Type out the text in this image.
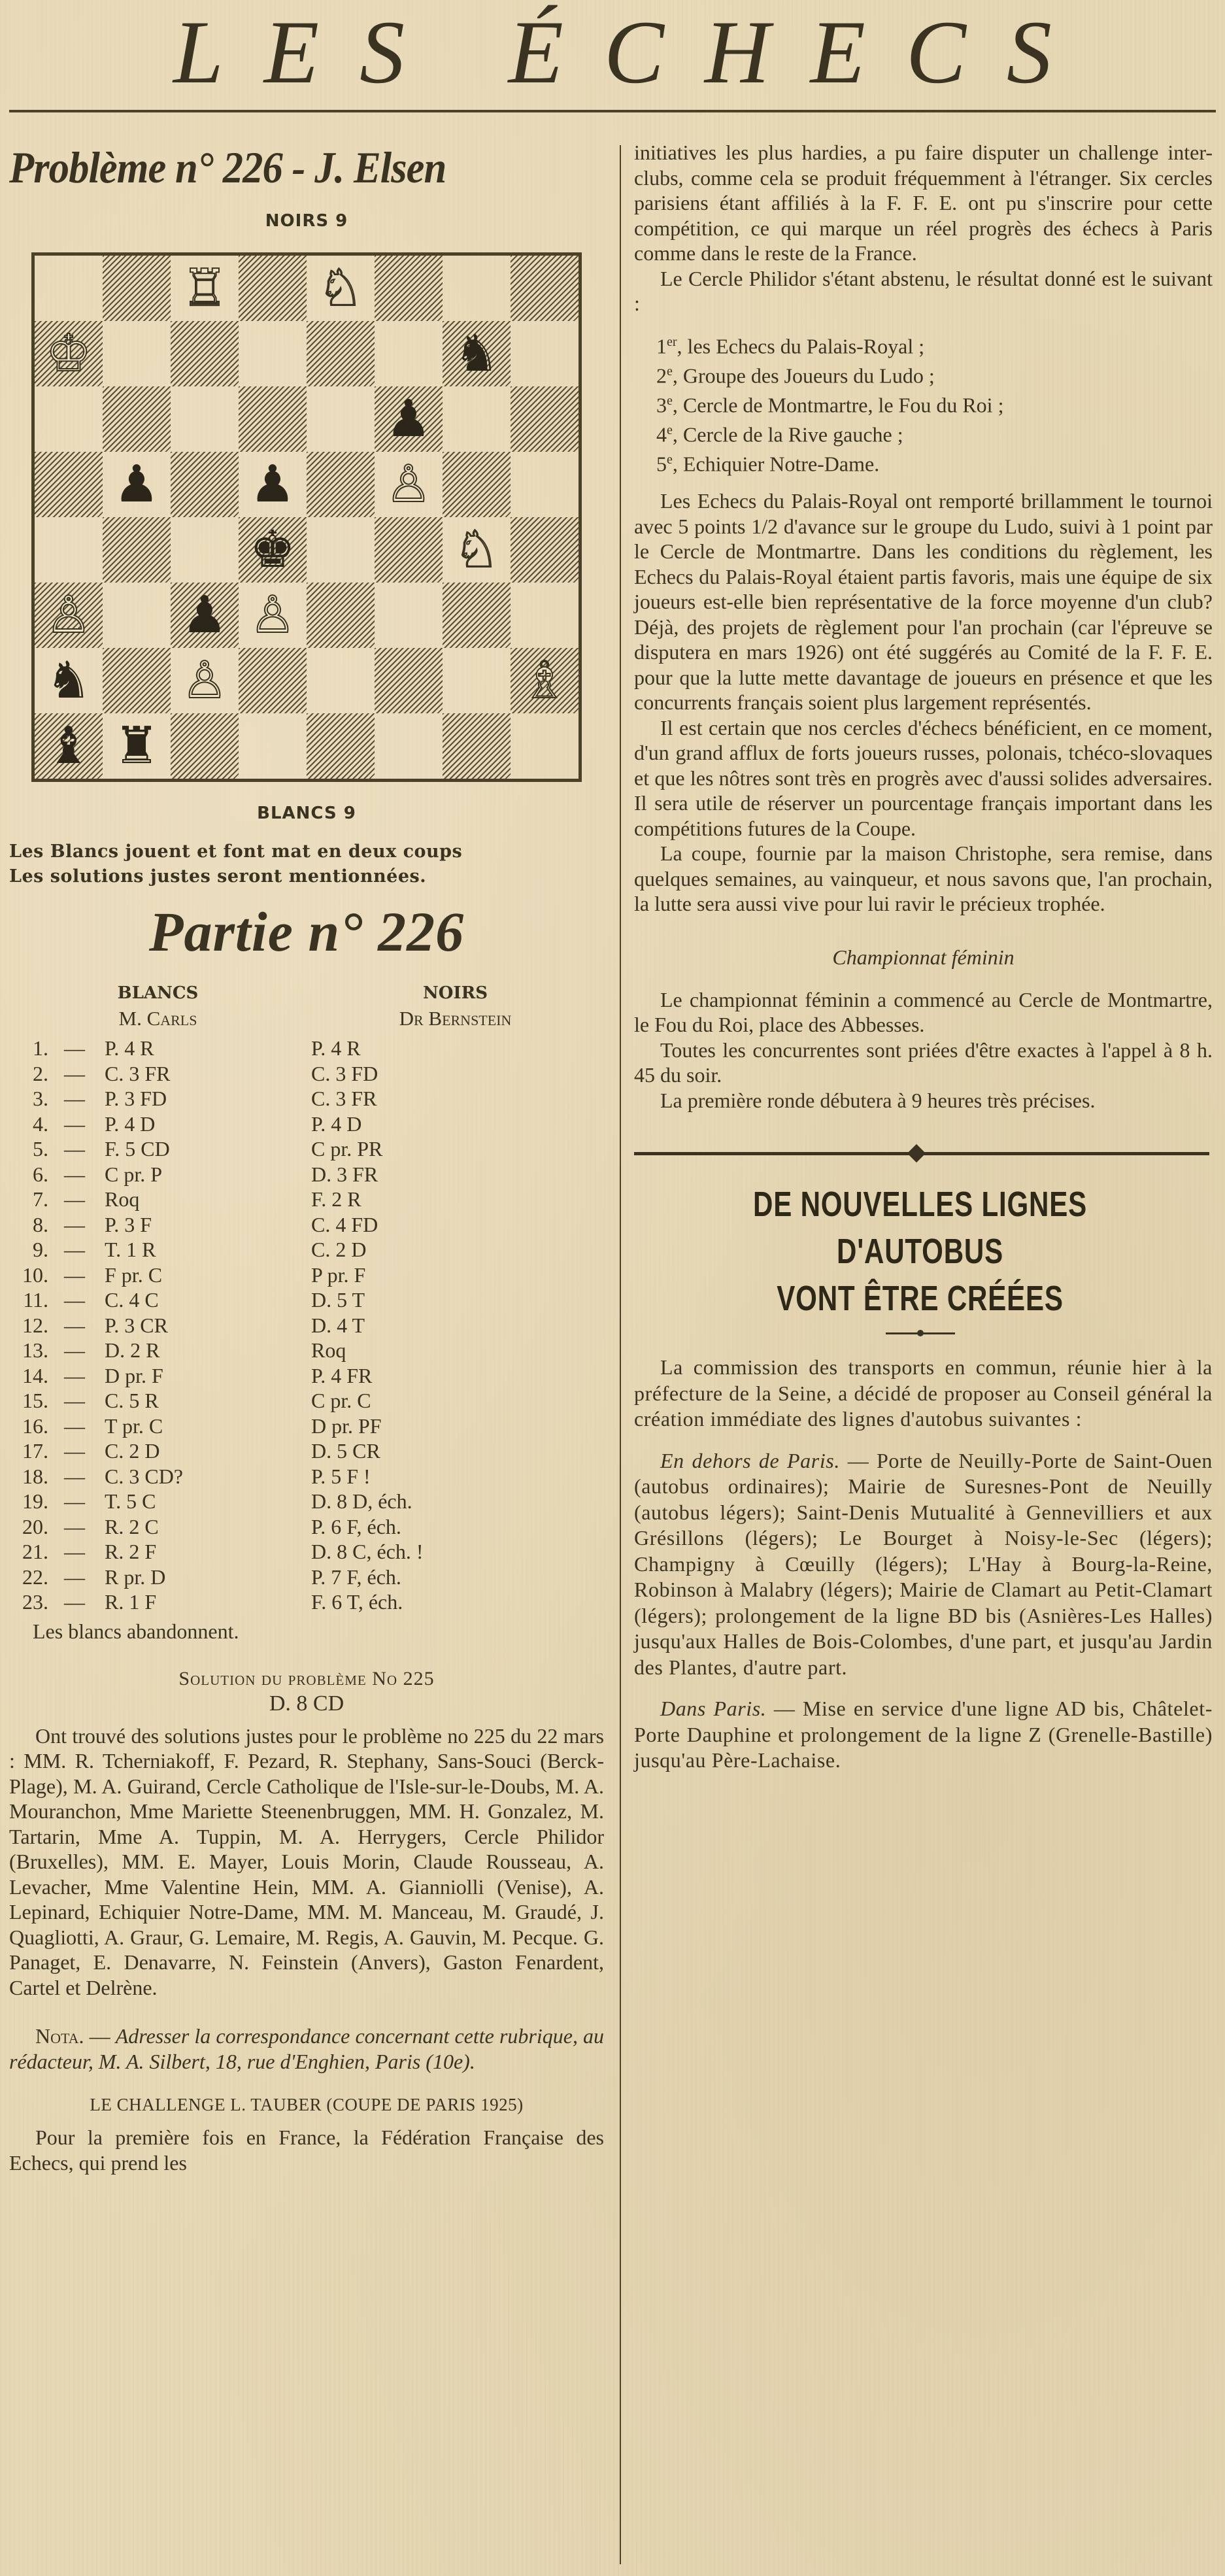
LES ÉCHECS
Problème n° 226 - J. Elsen
NOIRS 9
♖ ♘
♔	♞
♟
♟ ♟ ♙
♚	♘
♙ ♟ ♙
♞ ♙	♗
♝ ♜
BLANCS 9

Les Blancs jouent et font mat en deux coups
Les solutions justes seront mentionnées.

Partie n° 226
BLANCS	NOIRS
M. Carls	Dr Bernstein
1. — P. 4 R	P. 4 R
2. — C. 3 FR	C. 3 FD
3. — P. 3 FD	C. 3 FR
4. — P. 4 D	P. 4 D
5. — F. 5 CD	C pr. PR
6. — C pr. P	D. 3 FR
7. — Roq	F. 2 R
8. — P. 3 F	C. 4 FD
9. — T. 1 R	C. 2 D
10. — F pr. C	P pr. F
11. — C. 4 C	D. 5 T
12. — P. 3 CR	D. 4 T
13. — D. 2 R	Roq
14. — D pr. F	P. 4 FR
15. — C. 5 R	C pr. C
16. — T pr. C	D pr. PF
17. — C. 2 D	D. 5 CR
18. — C. 3 CD?	P. 5 F !
19. — T. 5 C	D. 8 D, éch.
20. — R. 2 C	P. 6 F, éch.
21. — R. 2 F	D. 8 C, éch. !
22. — R pr. D	P. 7 F, éch.
23. — R. 1 F	F. 6 T, éch.
Les blancs abandonnent.
Solution du problème No 225
D. 8 CD

Ont trouvé des solutions justes pour le problème no 225 du 22 mars : MM. R. Tcherniakoff, F. Pezard, R. Stephany, Sans-Souci (Berck-Plage), M. A. Guirand, Cercle Catholique de l'Isle-sur-le-Doubs, M. A. Mouranchon, Mme Mariette Steenenbruggen, MM. H. Gonzalez, M. Tartarin, Mme A. Tuppin, M. A. Herrygers, Cercle Philidor (Bruxelles), MM. E. Mayer, Louis Morin, Claude Rousseau, A. Levacher, Mme Valentine Hein, MM. A. Gianniolli (Venise), A. Lepinard, Echiquier Notre-Dame, MM. M. Manceau, M. Graudé, J. Quagliotti, A. Graur, G. Lemaire, M. Regis, A. Gauvin, M. Pecque. G. Panaget, E. Denavarre, N. Feinstein (Anvers), Gaston Fenardent, Cartel et Delrène.

Nota. — Adresser la correspondance concernant cette rubrique, au rédacteur, M. A. Silbert, 18, rue d'Enghien, Paris (10e).

LE CHALLENGE L. TAUBER (COUPE DE PARIS 1925)

Pour la première fois en France, la Fédération Française des Echecs, qui prend les

initiatives les plus hardies, a pu faire disputer un challenge inter-clubs, comme cela se produit fréquemment à l'étranger. Six cercles parisiens étant affiliés à la F. F. E. ont pu s'inscrire pour cette compétition, ce qui marque un réel progrès des échecs à Paris comme dans le reste de la France.

Le Cercle Philidor s'étant abstenu, le résultat donné est le suivant :

1er, les Echecs du Palais-Royal ;
2e, Groupe des Joueurs du Ludo ;
3e, Cercle de Montmartre, le Fou du Roi ;
4e, Cercle de la Rive gauche ;
5e, Echiquier Notre-Dame.

Les Echecs du Palais-Royal ont remporté brillamment le tournoi avec 5 points 1/2 d'avance sur le groupe du Ludo, suivi à 1 point par le Cercle de Montmartre. Dans les conditions du règlement, les Echecs du Palais-Royal étaient partis favoris, mais une équipe de six joueurs est-elle bien représentative de la force moyenne d'un club? Déjà, des projets de règlement pour l'an prochain (car l'épreuve se disputera en mars 1926) ont été suggérés au Comité de la F. F. E. pour que la lutte mette davantage de joueurs en présence et que les concurrents français soient plus largement représentés.

Il est certain que nos cercles d'échecs bénéficient, en ce moment, d'un grand afflux de forts joueurs russes, polonais, tchéco-slovaques et que les nôtres sont très en progrès avec d'aussi solides adversaires. Il sera utile de réserver un pourcentage français important dans les compétitions futures de la Coupe.

La coupe, fournie par la maison Christophe, sera remise, dans quelques semaines, au vainqueur, et nous savons que, l'an prochain, la lutte sera aussi vive pour lui ravir le précieux trophée.

Championnat féminin

Le championnat féminin a commencé au Cercle de Montmartre, le Fou du Roi, place des Abbesses.

Toutes les concurrentes sont priées d'être exactes à l'appel à 8 h. 45 du soir.

La première ronde débutera à 9 heures très précises.

DE NOUVELLES LIGNES D'AUTOBUS
VONT ÊTRE CRÉÉES

La commission des transports en commun, réunie hier à la préfecture de la Seine, a décidé de proposer au Conseil général la création immédiate des lignes d'autobus suivantes :

En dehors de Paris. — Porte de Neuilly-Porte de Saint-Ouen (autobus ordinaires); Mairie de Suresnes-Pont de Neuilly (autobus légers); Saint-Denis Mutualité à Gennevilliers et aux Grésillons (légers); Le Bourget à Noisy-le-Sec (légers); Champigny à Cœuilly (légers); L'Hay à Bourg-la-Reine, Robinson à Malabry (légers); Mairie de Clamart au Petit-Clamart (légers); prolongement de la ligne BD bis (Asnières-Les Halles) jusqu'aux Halles de Bois-Colombes, d'une part, et jusqu'au Jardin des Plantes, d'autre part.

Dans Paris. — Mise en service d'une ligne AD bis, Châtelet-Porte Dauphine et prolongement de la ligne Z (Grenelle-Bastille) jusqu'au Père-Lachaise.
